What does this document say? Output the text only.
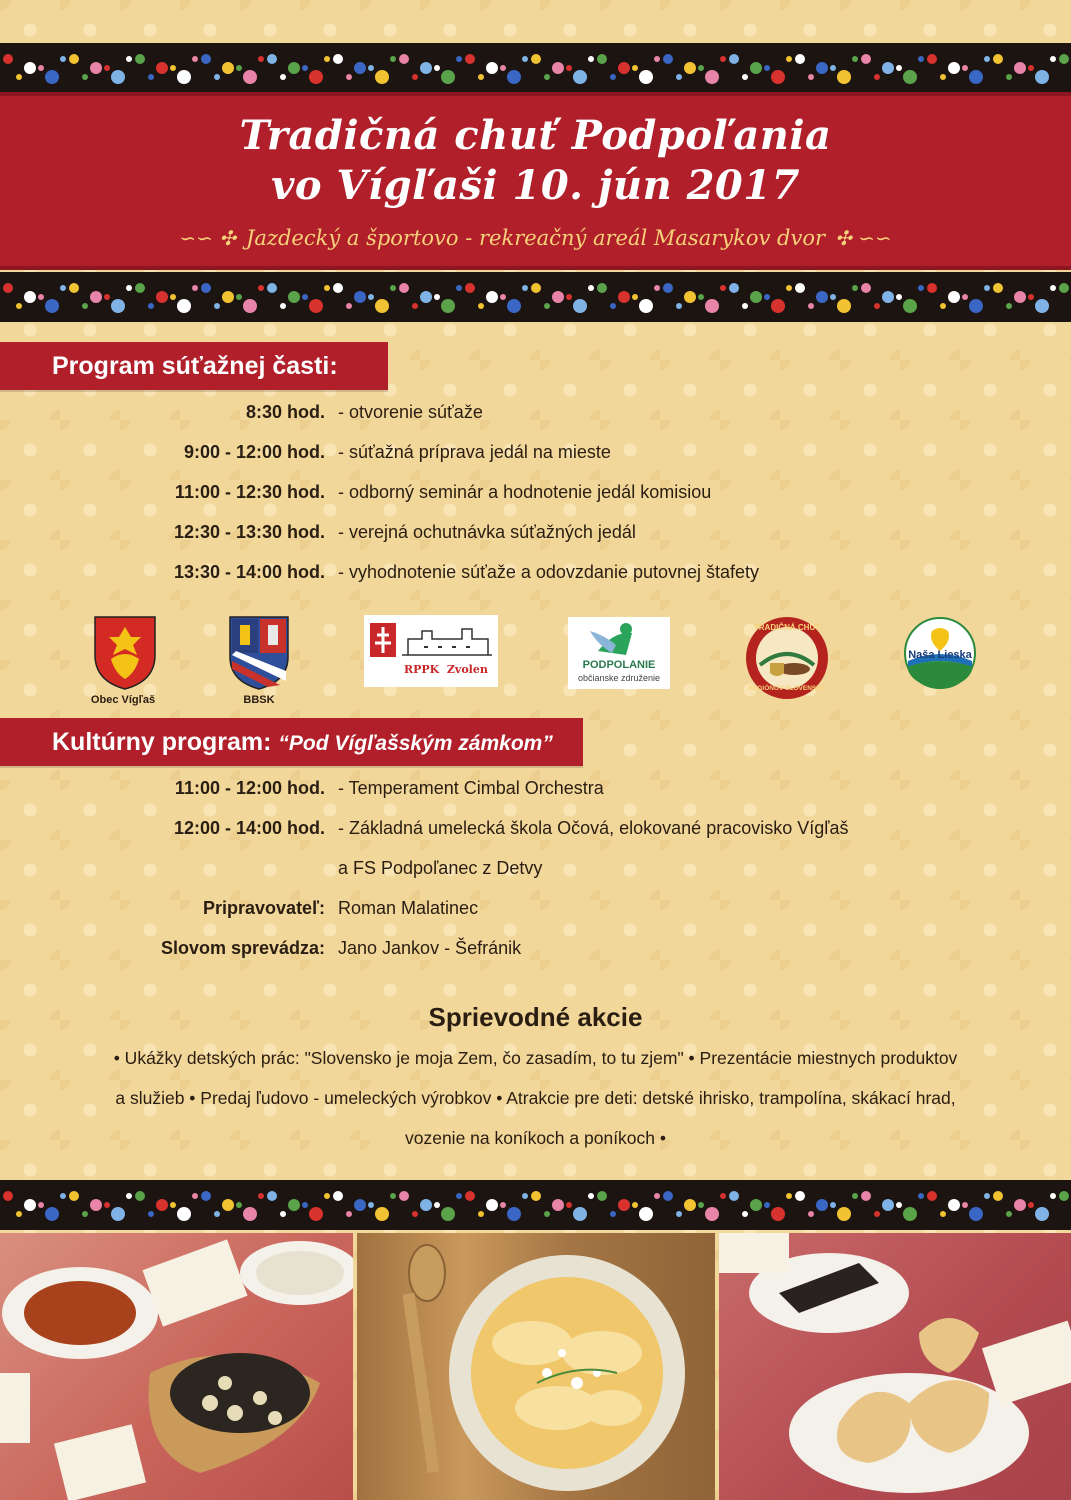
Tradičná chuť Podpoľania
vo Vígľaši 10. jún 2017
∽∽ ✣ Jazdecký a športovo - rekreačný areál Masarykov dvor ✣ ∽∽
Program súťažnej časti:
8:30 hod. - otvorenie súťaže
9:00 - 12:00 hod. - súťažná príprava jedál na mieste
11:00 - 12:30 hod. - odborný seminár a hodnotenie jedál komisiou
12:30 - 13:30 hod. - verejná ochutnávka súťažných jedál
13:30 - 14:00 hod. - vyhodnotenie súťaže a odovzdanie putovnej štafety
Obec Vígľaš	BBSK
RPPK  Zvolen	PODPOLANIE
občianske združenie
TRADIČNÁ CHUŤ
REGIÓNOV SLOVENSKA
Naša Lieska
Kultúrny program: “Pod Vígľašským zámkom”
11:00 - 12:00 hod. - Temperament Cimbal Orchestra
12:00 - 14:00 hod. - Základná umelecká škola Očová, elokované pracovisko Vígľaš
a FS Podpoľanec z Detvy
Pripravovateľ: Roman Malatinec
Slovom sprevádza: Jano Jankov - Šefránik
Sprievodné akcie
• Ukážky detských prác: "Slovensko je moja Zem, čo zasadím, to tu zjem" • Prezentácie miestnych produktov
a služieb • Predaj ľudovo - umeleckých výrobkov • Atrakcie pre deti: detské ihrisko, trampolína, skákací hrad,
vozenie na koníkoch a poníkoch •
